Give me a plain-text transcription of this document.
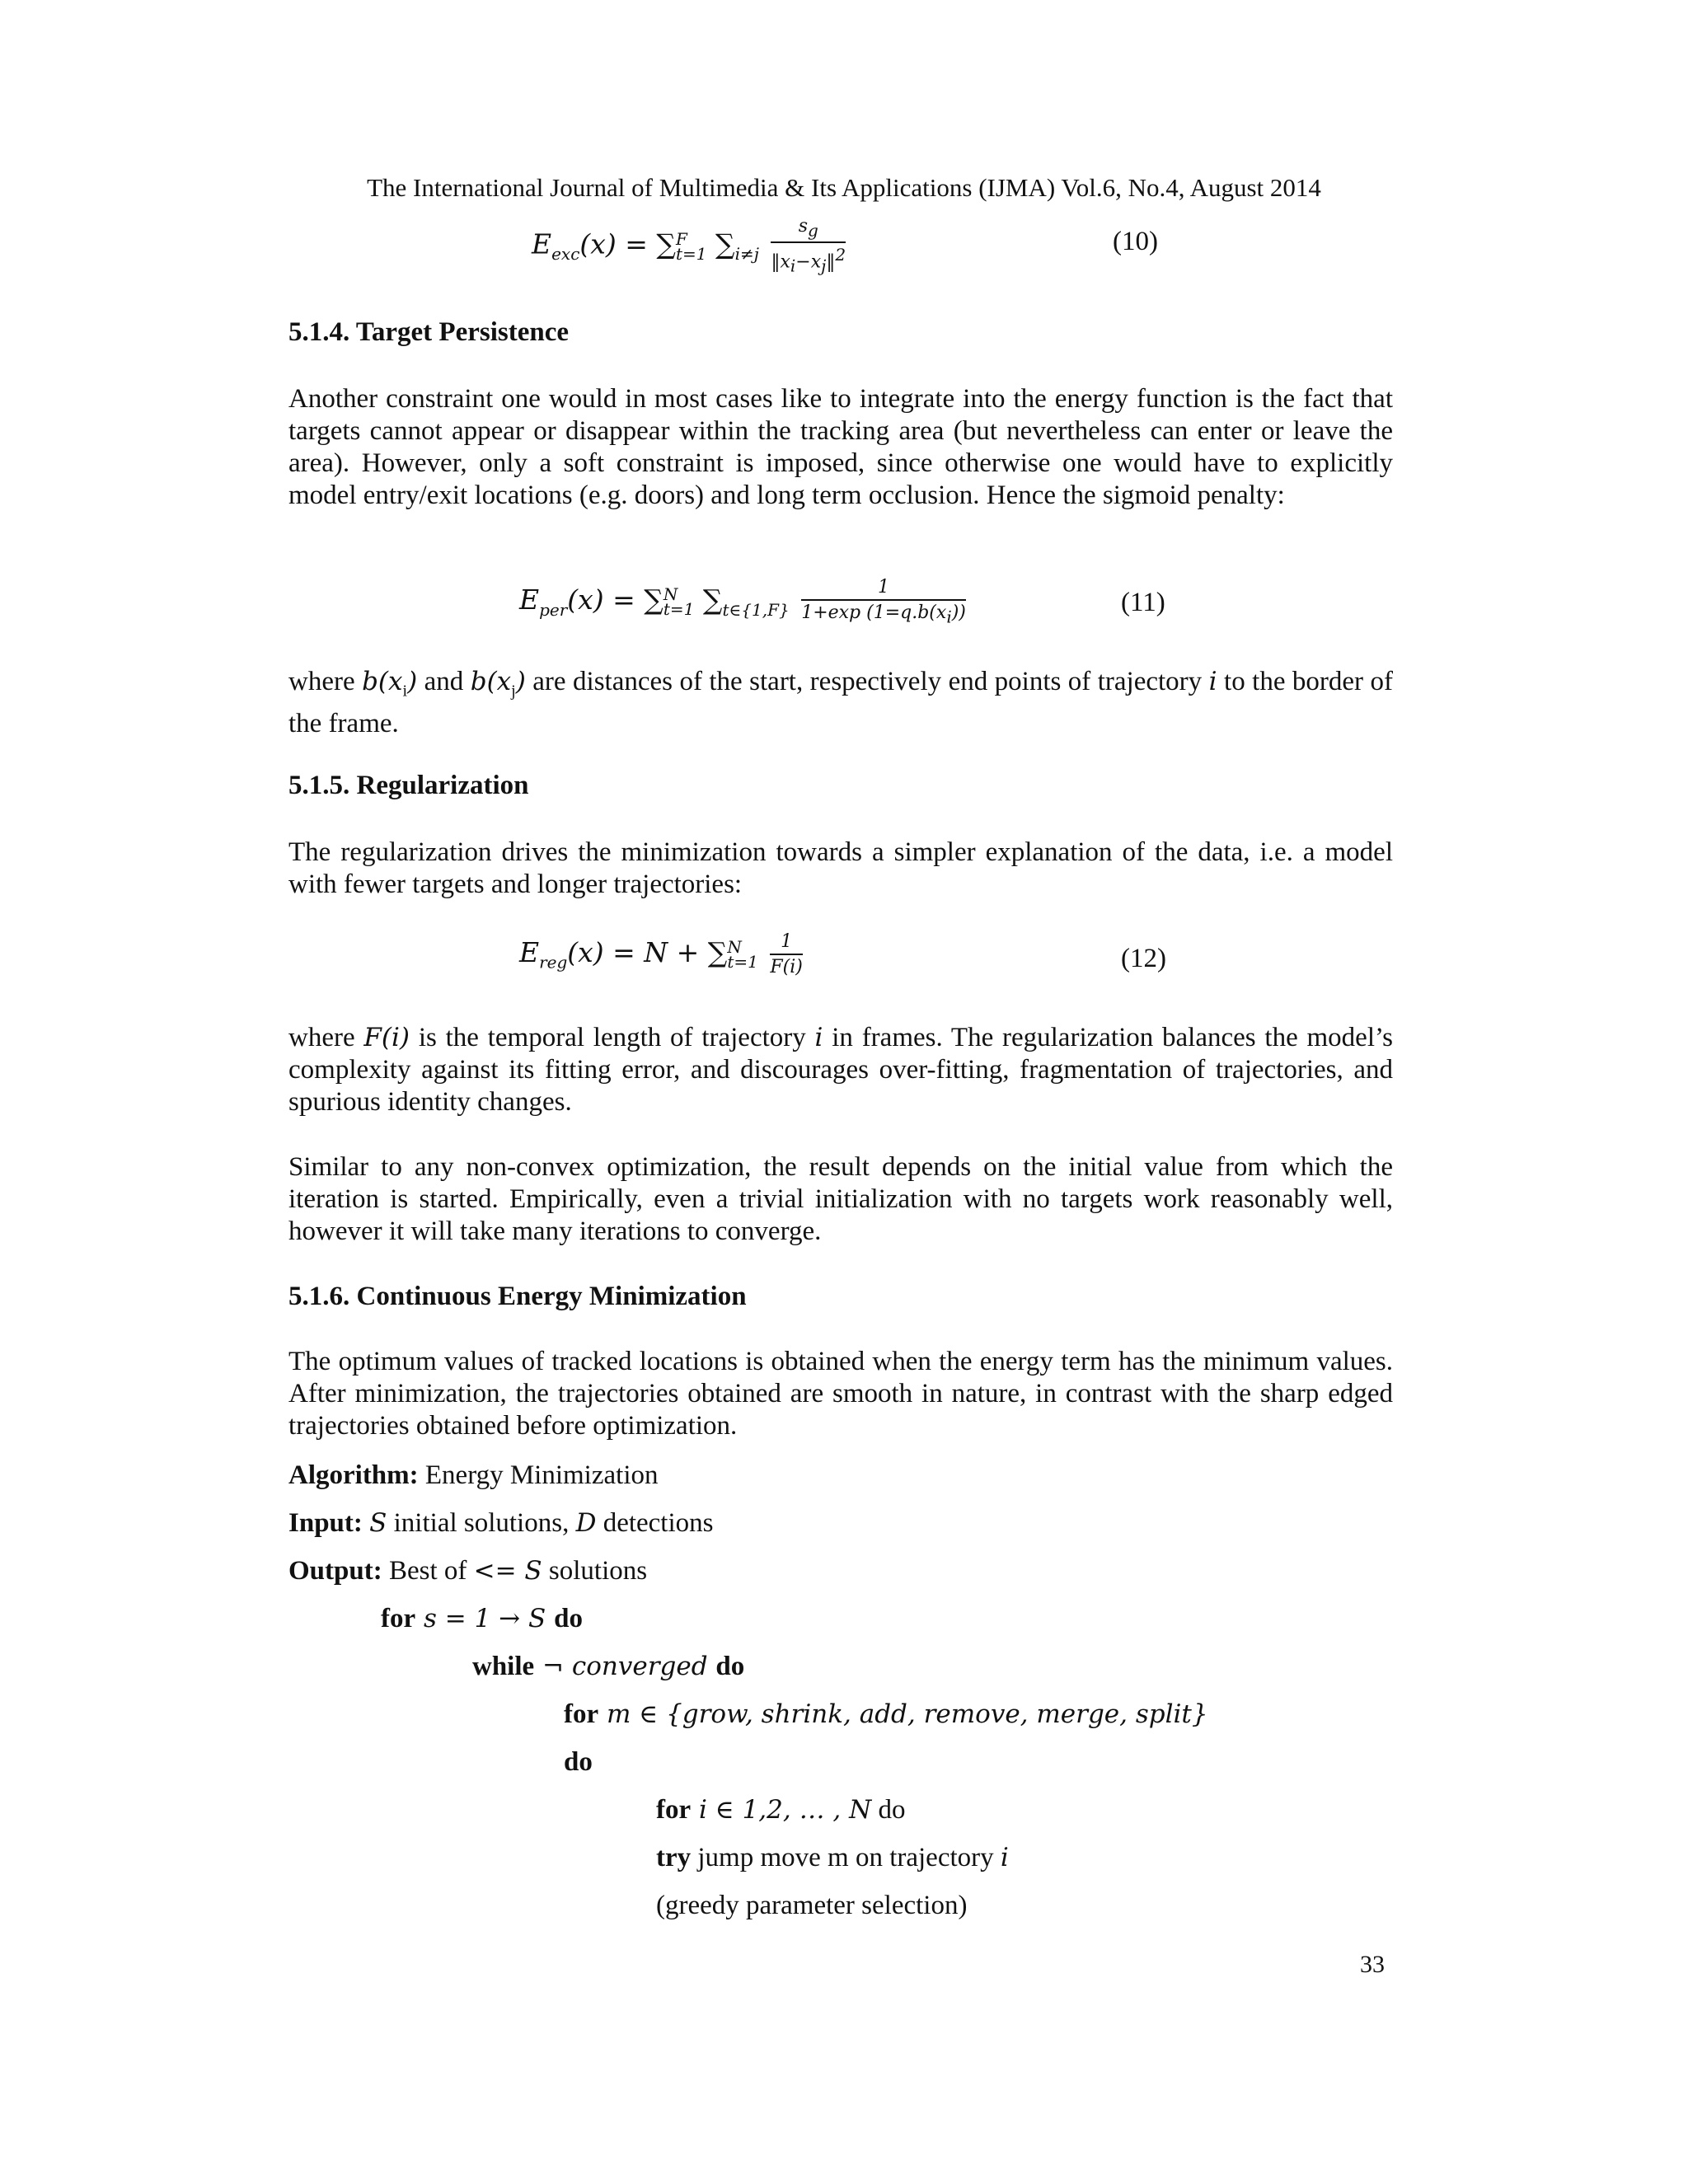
The International Journal of Multimedia & Its Applications (IJMA) Vol.6, No.4, August 2014
$E_{exc}(x)$ = ∑ F
t=1 $\sum_{i\ne j} \frac{s_g}{‖x_i-x_j‖^2}$	(10)
5.1.4. Target Persistence
Another constraint one would in most cases like to integrate into the energy function is the fact that targets cannot appear or disappear within the tracking area (but nevertheless can enter or leave the area). However, only a soft constraint is imposed, since otherwise one would have to explicitly model entry/exit locations (e.g. doors) and long term occlusion. Hence the sigmoid penalty:
$E_{per}(x)$ = ∑ N
t=1 $\sum_{t\in\{1,F\}} \frac{1}{1+\exp (1=q.b(x_i))}$	(11)
where $b(x_i)$ and $b(x_j)$ are distances of the start, respectively end points of trajectory i to the border of the frame.
5.1.5. Regularization
The regularization drives the minimization towards a simpler explanation of the data, i.e. a model with fewer targets and longer trajectories:
$E_{reg}(x) = N$ + ∑ N
t=1
$\frac{1}{F(i)}$	(12)
where F(i) is the temporal length of trajectory i in frames. The regularization balances the model’s complexity against its fitting error, and discourages over-fitting, fragmentation of trajectories, and spurious identity changes.
Similar to any non-convex optimization, the result depends on the initial value from which the iteration is started. Empirically, even a trivial initialization with no targets work reasonably well, however it will take many iterations to converge.
5.1.6. Continuous Energy Minimization
The optimum values of tracked locations is obtained when the energy term has the minimum values. After minimization, the trajectories obtained are smooth in nature, in contrast with the sharp edged trajectories obtained before optimization.
Algorithm: Energy Minimization
Input: S initial solutions, D detections
Output: Best of <= S solutions
for s = 1 → S do
while ¬ converged do
for m ∈ {grow, shrink, add, remove, merge, split}
do
for i ∈ 1,2, … , N do
try jump move m on trajectory i
(greedy parameter selection)
33
